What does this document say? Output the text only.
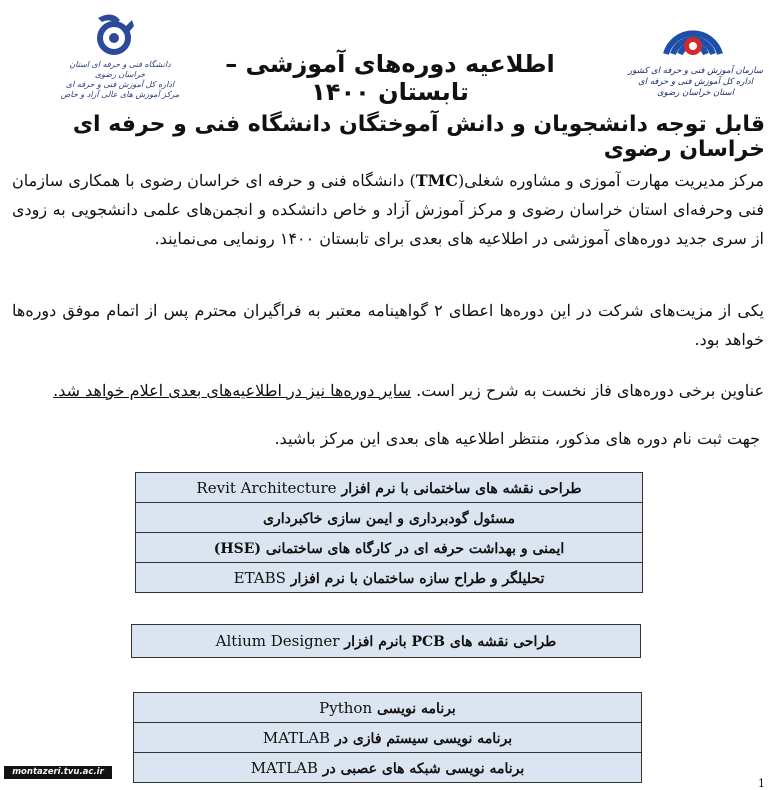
دانشگاه فنی و حرفه ای استان خراسان رضوی
اداره کل آموزش فنی و حرفه ای
مرکز آموزش های عالی آزاد و خاص
اطلاعیه دوره‌های آموزشی – تابستان ۱۴۰۰
سازمان آموزش فنی و حرفه ای کشور
اداره کل آموزش فنی و حرفه ای استان خراسان رضوی
قابل توجه دانشجویان و دانش آموختگان دانشگاه فنی و حرفه ای خراسان رضوی
مرکز مدیریت مهارت آموزی و مشاوره شغلی(TMC) دانشگاه فنی و حرفه ای خراسان رضوی با همکاری سازمان فنی وحرفه‌ای استان خراسان رضوی و مرکز آموزش آزاد و خاص دانشکده و انجمن‌های علمی دانشجویی به زودی از سری جدید دوره‌های آموزشی در اطلاعیه های بعدی برای تابستان ۱۴۰۰ رونمایی می‌نمایند.
یکی از مزیت‌های شرکت در این دوره‌ها اعطای ۲ گواهینامه معتبر به فراگیران محترم پس از اتمام موفق دوره‌ها خواهد بود.
عناوین برخی دوره‌های فاز نخست به شرح زیر است. سایر دوره‌ها نیز در اطلاعیه‌های بعدی اعلام خواهد شد.
جهت ثبت نام دوره های مذکور، منتظر اطلاعیه های بعدی این مرکز باشید.
طراحی نقشه های ساختمانی با نرم افزار Revit Architecture
مسئول گودبرداری و ایمن سازی خاکبرداری
ایمنی و بهداشت حرفه ای در کارگاه های ساختمانی (HSE)
تحلیلگر و طراح سازه ساختمان با نرم افزار ETABS
طراحی نقشه های PCB بانرم افزار Altium Designer
برنامه نویسی Python
برنامه نویسی سیستم فازی در MATLAB
برنامه نویسی شبکه های عصبی در MATLAB
montazeri.tvu.ac.ir
1
